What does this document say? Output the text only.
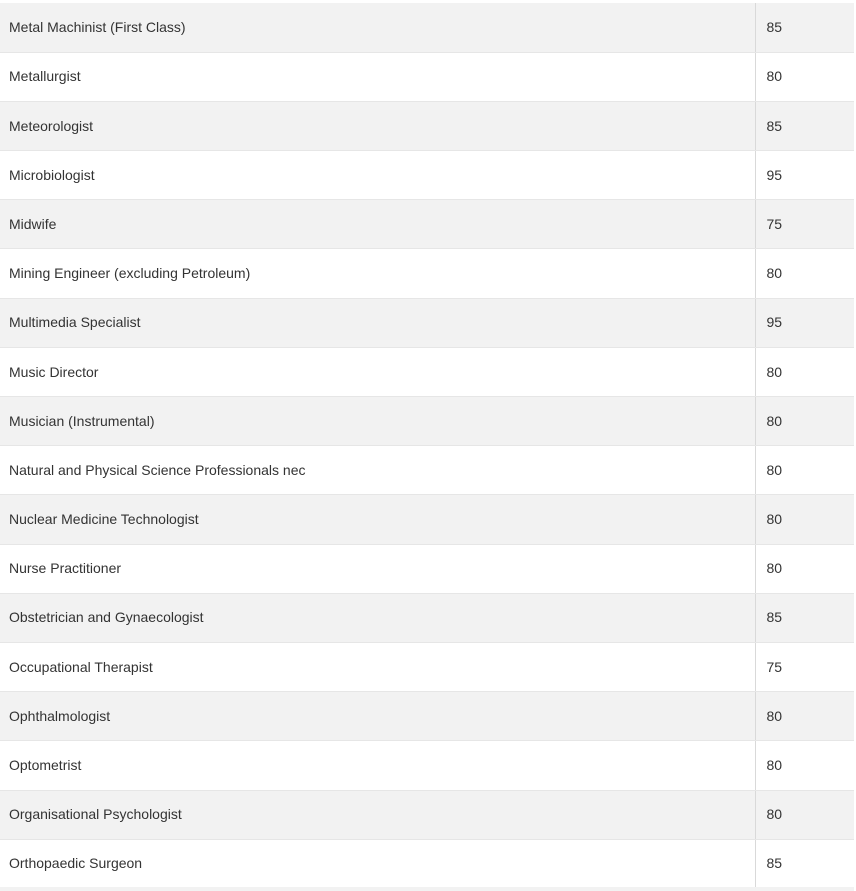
Metal Machinist (First Class)	85
Metallurgist	80
Meteorologist	85
Microbiologist	95
Midwife	75
Mining Engineer (excluding Petroleum)	80
Multimedia Specialist	95
Music Director	80
Musician (Instrumental)	80
Natural and Physical Science Professionals nec	80
Nuclear Medicine Technologist	80
Nurse Practitioner	80
Obstetrician and Gynaecologist	85
Occupational Therapist	75
Ophthalmologist	80
Optometrist	80
Organisational Psychologist	80
Orthopaedic Surgeon	85
